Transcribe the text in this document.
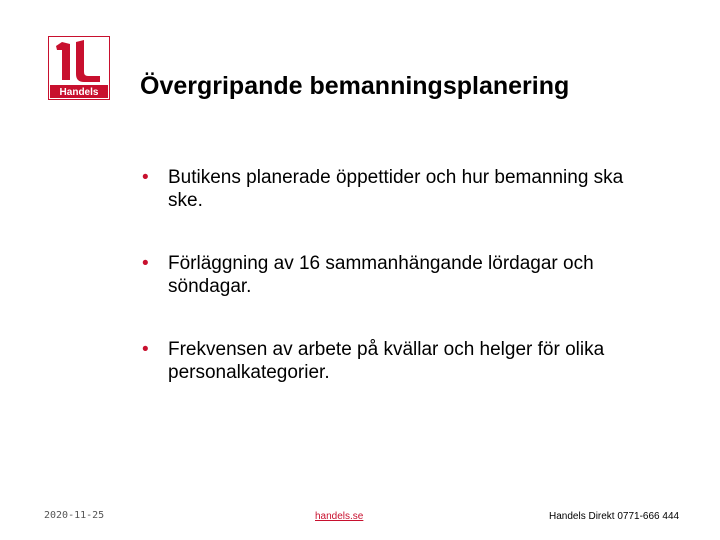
Handels Övergripande bemanningsplanering
• Butikens planerade öppettider och hur bemanning ska ske.
• Förläggning av 16 sammanhängande lördagar och söndagar.
• Frekvensen av arbete på kvällar och helger för olika personalkategorier.
2020-11-25	handels.se	Handels Direkt 0771-666 444
